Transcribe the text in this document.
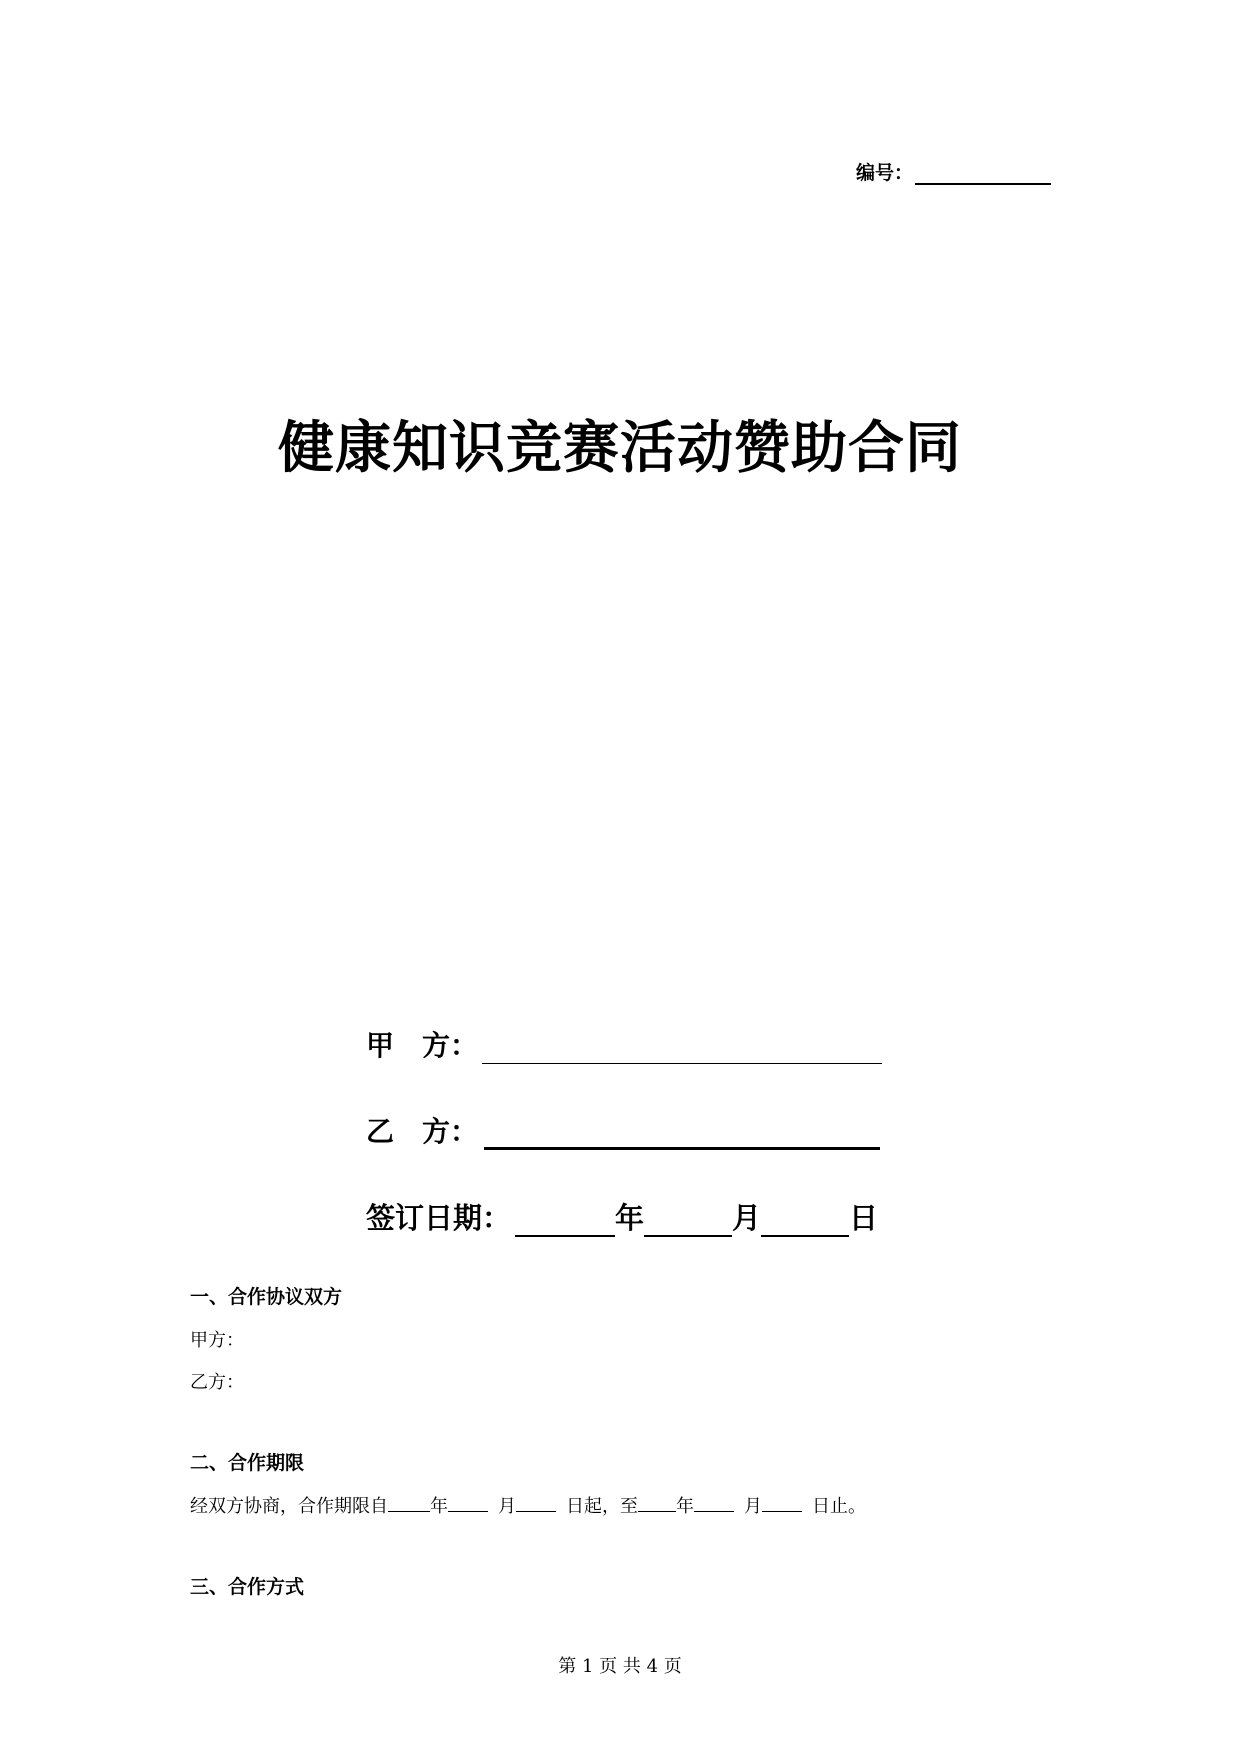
编号：
健康知识竞赛活动赞助合同
甲　方：
乙　方：
签订日期：	年	月	日
一、合作协议双方
甲方：
乙方：
二、合作期限
经双方协商，合作期限自 年	月	日起，至 年	月	日止。
三、合作方式
第 1 页 共 4 页
